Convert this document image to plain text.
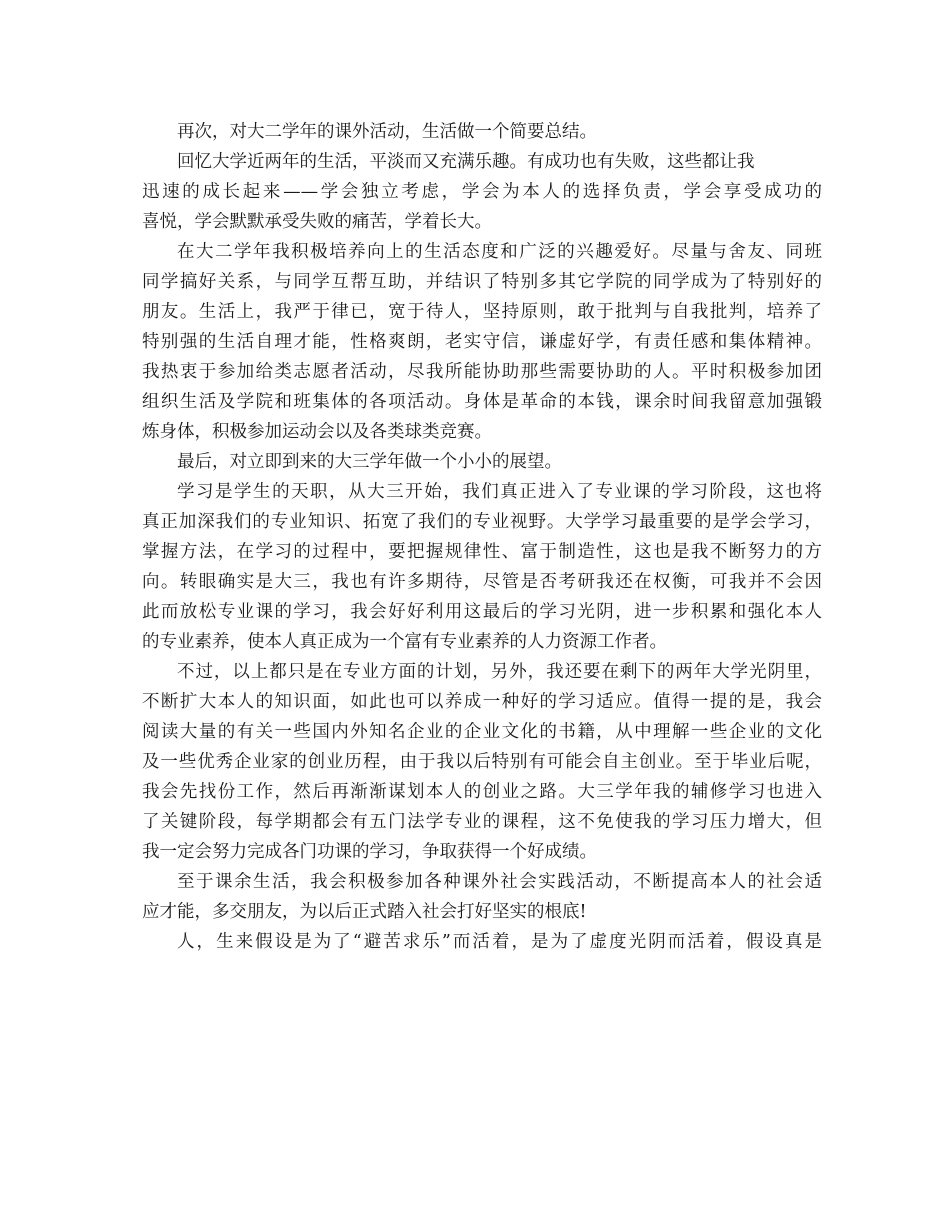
再次，对大二学年的课外活动，生活做一个简要总结。
回忆大学近两年的生活，平淡而又充满乐趣。有成功也有失败，这些都让我
迅速的成长起来——学会独立考虑，学会为本人的选择负责，学会享受成功的
喜悦，学会默默承受失败的痛苦，学着长大。
在大二学年我积极培养向上的生活态度和广泛的兴趣爱好。尽量与舍友、同班
同学搞好关系，与同学互帮互助，并结识了特别多其它学院的同学成为了特别好的
朋友。生活上，我严于律已，宽于待人，坚持原则，敢于批判与自我批判，培养了
特别强的生活自理才能，性格爽朗，老实守信，谦虚好学，有责任感和集体精神。
我热衷于参加给类志愿者活动，尽我所能协助那些需要协助的人。平时积极参加团
组织生活及学院和班集体的各项活动。身体是革命的本钱，课余时间我留意加强锻
炼身体，积极参加运动会以及各类球类竞赛。
最后，对立即到来的大三学年做一个小小的展望。
学习是学生的天职，从大三开始，我们真正进入了专业课的学习阶段，这也将
真正加深我们的专业知识、拓宽了我们的专业视野。大学学习最重要的是学会学习，
掌握方法，在学习的过程中，要把握规律性、富于制造性，这也是我不断努力的方
向。转眼确实是大三，我也有许多期待，尽管是否考研我还在权衡，可我并不会因
此而放松专业课的学习，我会好好利用这最后的学习光阴，进一步积累和强化本人
的专业素养，使本人真正成为一个富有专业素养的人力资源工作者。
不过，以上都只是在专业方面的计划，另外，我还要在剩下的两年大学光阴里，
不断扩大本人的知识面，如此也可以养成一种好的学习适应。值得一提的是，我会
阅读大量的有关一些国内外知名企业的企业文化的书籍，从中理解一些企业的文化
及一些优秀企业家的创业历程，由于我以后特别有可能会自主创业。至于毕业后呢，
我会先找份工作，然后再渐渐谋划本人的创业之路。大三学年我的辅修学习也进入
了关键阶段，每学期都会有五门法学专业的课程，这不免使我的学习压力增大，但
我一定会努力完成各门功课的学习，争取获得一个好成绩。
至于课余生活，我会积极参加各种课外社会实践活动，不断提高本人的社会适
应才能，多交朋友，为以后正式踏入社会打好坚实的根底!
人，生来假设是为了“避苦求乐”而活着，是为了虚度光阴而活着，假设真是
